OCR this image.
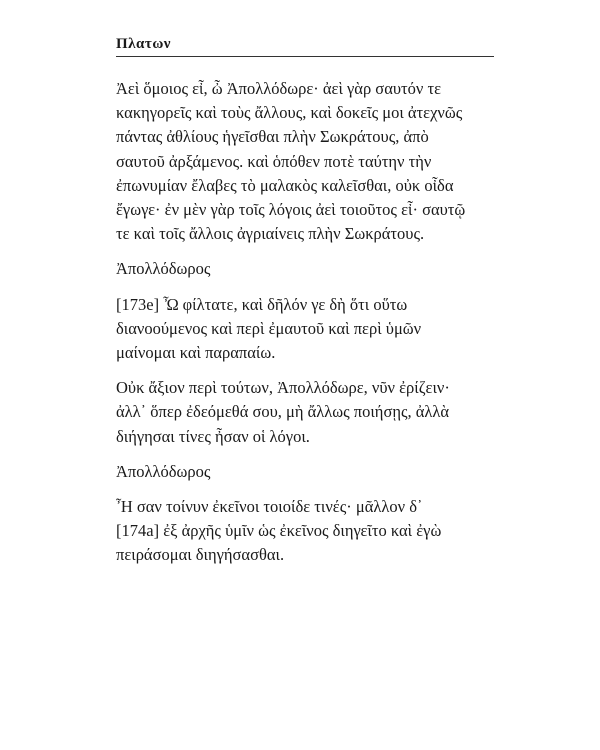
Πλατων

Ἀεὶ ὅμοιος εἶ, ὦ Ἀπολλόδωρε· ἀεὶ γὰρ σαυτόν τε
κακηγορεῖς καὶ τοὺς ἄλλους, καὶ δοκεῖς μοι ἀτεχνῶς
πάντας ἀθλίους ἡγεῖσθαι πλὴν Σωκράτους, ἀπὸ
σαυτοῦ ἀρξάμενος. καὶ ὁπόθεν ποτὲ ταύτην τὴν
ἐπωνυμίαν ἔλαβες τὸ μαλακὸς καλεῖσθαι, οὐκ οἶδα
ἔγωγε· ἐν μὲν γὰρ τοῖς λόγοις ἀεὶ τοιοῦτος εἶ· σαυτῷ
τε καὶ τοῖς ἄλλοις ἀγριαίνεις πλὴν Σωκράτους.

Ἀπολλόδωρος

[173e] Ὦ φίλτατε, καὶ δῆλόν γε δὴ ὅτι οὕτω
διανοούμενος καὶ περὶ ἐμαυτοῦ καὶ περὶ ὑμῶν
μαίνομαι καὶ παραπαίω.

Οὐκ ἄξιον περὶ τούτων, Ἀπολλόδωρε, νῦν ἐρίζειν·
ἀλλ᾽ ὅπερ ἐδεόμεθά σου, μὴ ἄλλως ποιήσῃς, ἀλλὰ
διήγησαι τίνες ἦσαν οἱ λόγοι.

Ἀπολλόδωρος

Ἦ σαν τοίνυν ἐκεῖνοι τοιοίδε τινές· μᾶλλον δ᾽
[174a] ἐξ ἀρχῆς ὑμῖν ὡς ἐκεῖνος διηγεῖτο καὶ ἐγὼ
πειράσομαι διηγήσασθαι.
